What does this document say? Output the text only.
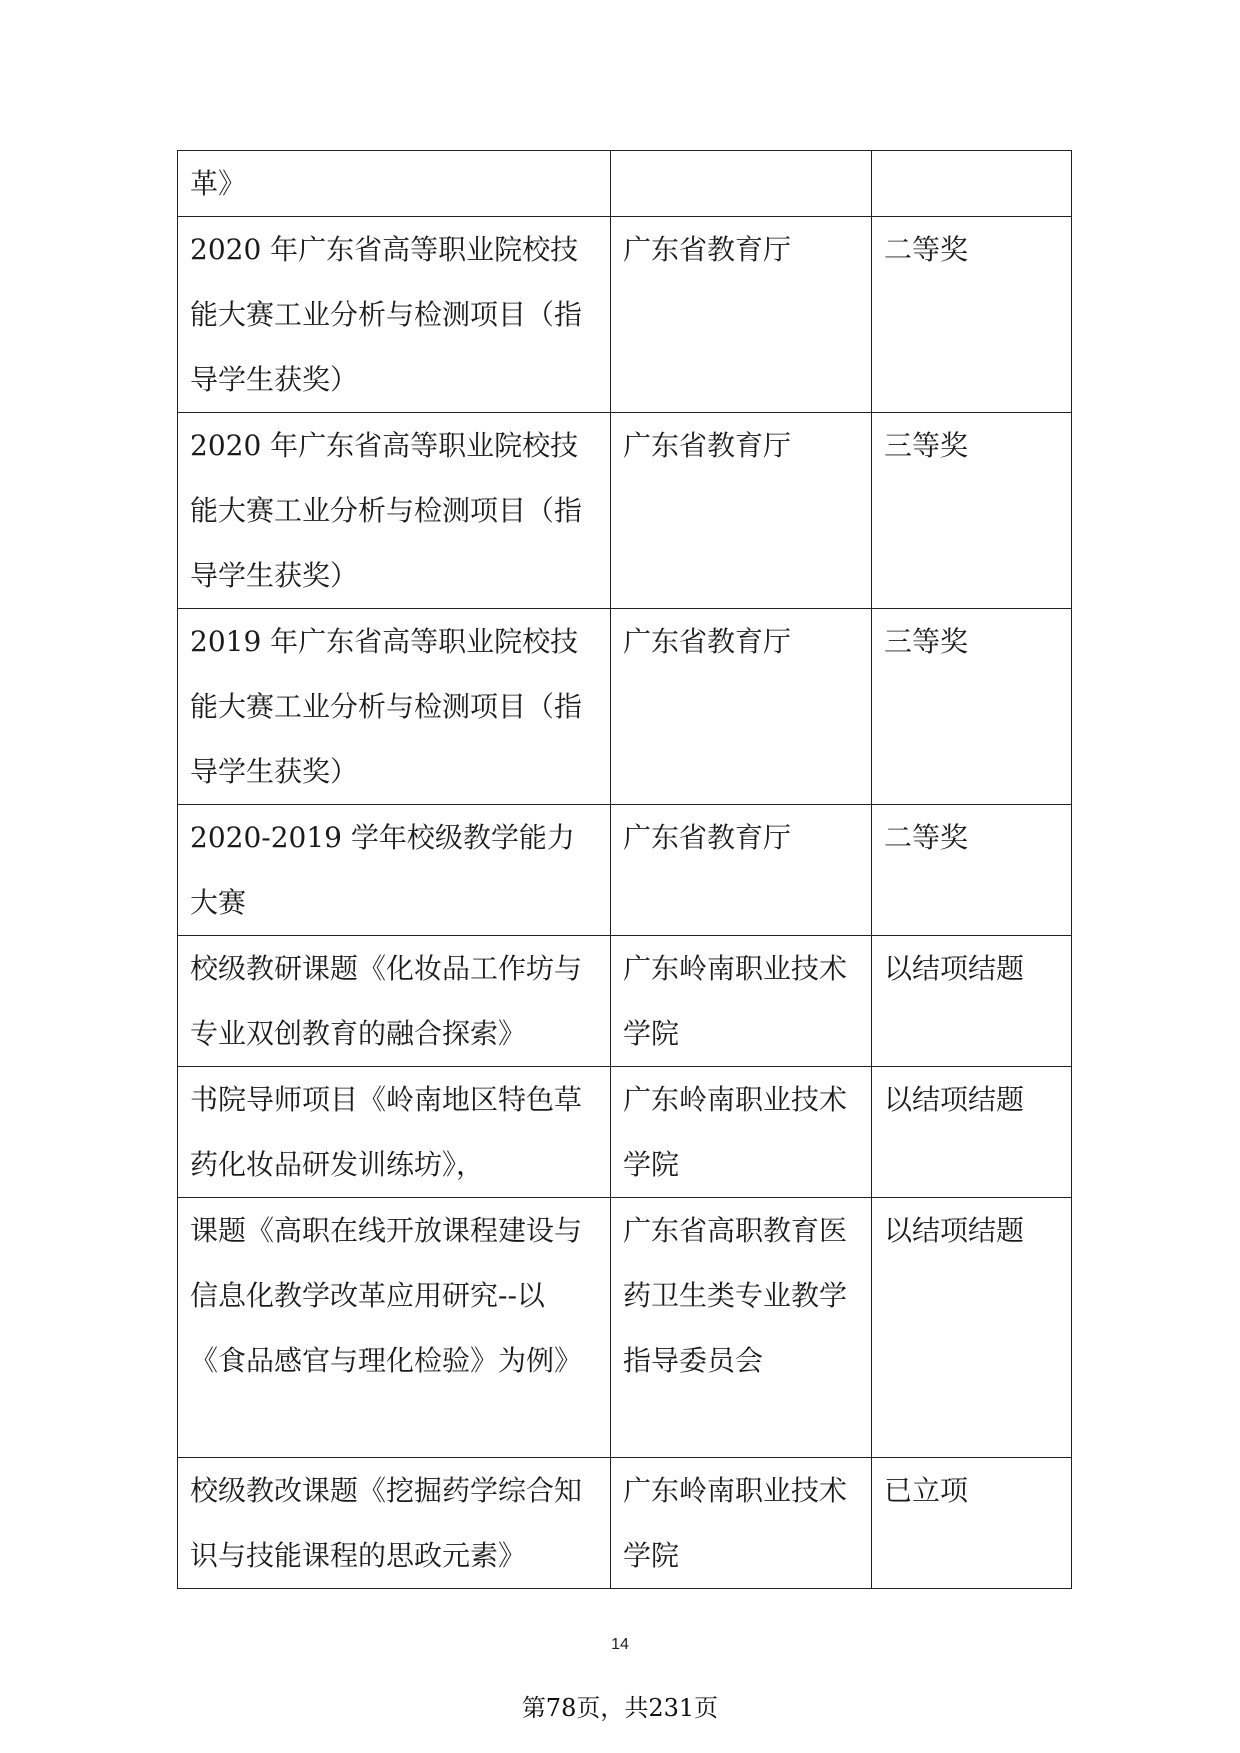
革》		

2020 年广东省高等职业院校技能大赛工业分析与检测项目（指导学生获奖）	广东省教育厅	二等奖

2020 年广东省高等职业院校技能大赛工业分析与检测项目（指导学生获奖）	广东省教育厅	三等奖

2019 年广东省高等职业院校技能大赛工业分析与检测项目（指导学生获奖）	广东省教育厅	三等奖

2020-2019 学年校级教学能力大赛	广东省教育厅	二等奖

校级教研课题《化妆品工作坊与专业双创教育的融合探索》	广东岭南职业技术学院	以结项结题

书院导师项目《岭南地区特色草药化妆品研发训练坊》，	广东岭南职业技术学院	以结项结题

课题《高职在线开放课程建设与信息化教学改革应用研究--以《食品感官与理化检验》为例》	广东省高职教育医药卫生类专业教学指导委员会	以结项结题

校级教改课题《挖掘药学综合知识与技能课程的思政元素》	广东岭南职业技术学院	已立项
14
第78页，共231页
